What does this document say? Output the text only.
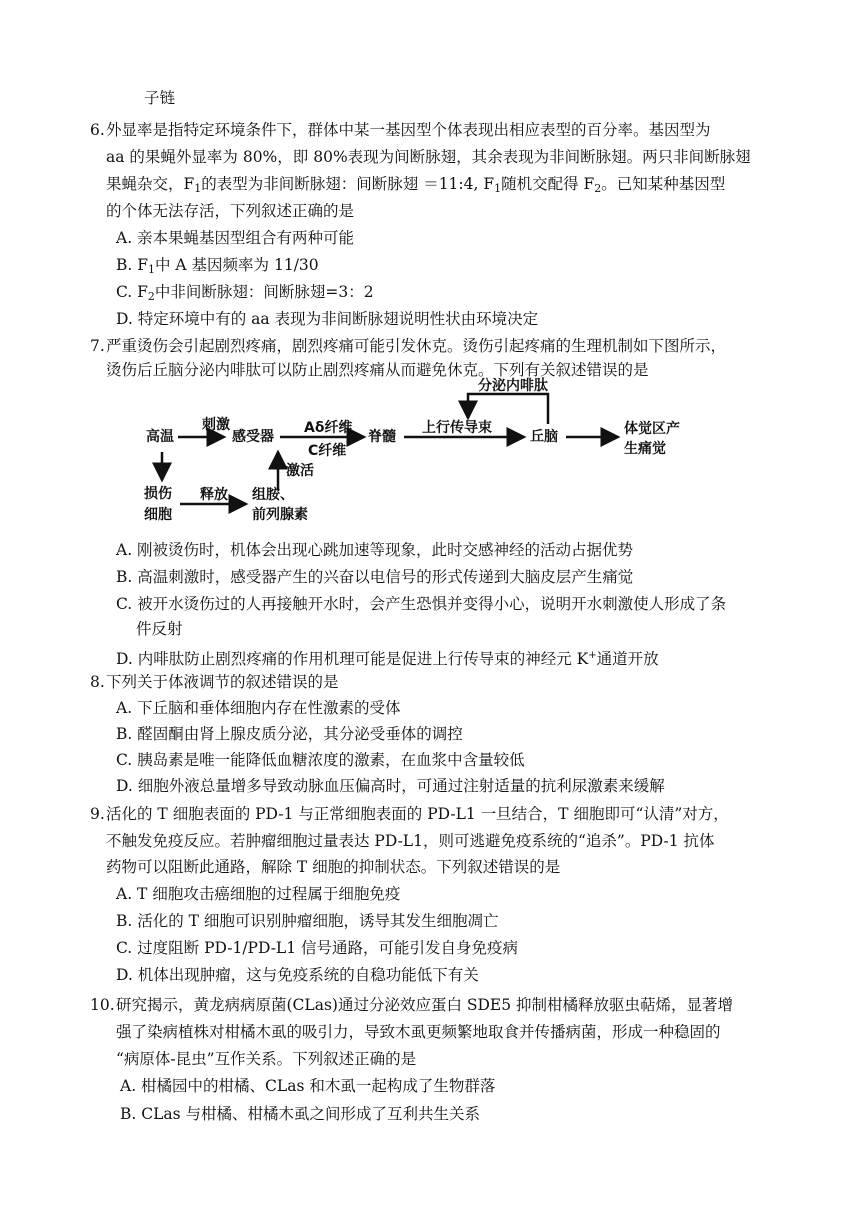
子链
6. 外显率是指特定环境条件下，群体中某一基因型个体表现出相应表型的百分率。基因型为
aa 的果蝇外显率为 80%，即 80%表现为间断脉翅，其余表现为非间断脉翅。两只非间断脉翅
果蝇杂交，$F_1$的表型为非间断脉翅：间断脉翅 ＝11:4, $F_1$随机交配得 $F_2$。已知某种基因型
的个体无法存活，下列叙述正确的是
A. 亲本果蝇基因型组合有两种可能
B. $F_1$中 A 基因频率为 11/30
C. $F_2$中非间断脉翅：间断脉翅=3：2
D. 特定环境中有的 aa 表现为非间断脉翅说明性状由环境决定
7. 严重烫伤会引起剧烈疼痛，剧烈疼痛可能引发休克。烫伤引起疼痛的生理机制如下图所示，
烫伤后丘脑分泌内啡肽可以防止剧烈疼痛从而避免休克。下列有关叙述错误的是
高温
刺激
感受器
Aδ纤维
C纤维
脊髓
上行传导束
分泌内啡肽
丘脑	体觉区产
生痛觉
损伤
细胞
释放 组胺、
前列腺素
激活
A. 刚被烫伤时，机体会出现心跳加速等现象，此时交感神经的活动占据优势
B. 高温刺激时，感受器产生的兴奋以电信号的形式传递到大脑皮层产生痛觉
C. 被开水烫伤过的人再接触开水时，会产生恐惧并变得小心，说明开水刺激使人形成了条
件反射
D. 内啡肽防止剧烈疼痛的作用机理可能是促进上行传导束的神经元 K+通道开放
8. 下列关于体液调节的叙述错误的是
A. 下丘脑和垂体细胞内存在性激素的受体
B. 醛固酮由肾上腺皮质分泌，其分泌受垂体的调控
C. 胰岛素是唯一能降低血糖浓度的激素，在血浆中含量较低
D. 细胞外液总量增多导致动脉血压偏高时，可通过注射适量的抗利尿激素来缓解
9. 活化的 T 细胞表面的 PD-1 与正常细胞表面的 PD-L1 一旦结合，T 细胞即可“认清”对方，
不触发免疫反应。若肿瘤细胞过量表达 PD-L1，则可逃避免疫系统的“追杀”。PD-1 抗体
药物可以阻断此通路，解除 T 细胞的抑制状态。下列叙述错误的是
A. T 细胞攻击癌细胞的过程属于细胞免疫
B. 活化的 T 细胞可识别肿瘤细胞，诱导其发生细胞凋亡
C. 过度阻断 PD-1/PD-L1 信号通路，可能引发自身免疫病
D. 机体出现肿瘤，这与免疫系统的自稳功能低下有关
10. 研究揭示，黄龙病病原菌(CLas)通过分泌效应蛋白 SDE5 抑制柑橘释放驱虫萜烯，显著增
强了染病植株对柑橘木虱的吸引力，导致木虱更频繁地取食并传播病菌，形成一种稳固的
“病原体-昆虫”互作关系。下列叙述正确的是
A. 柑橘园中的柑橘、CLas 和木虱一起构成了生物群落
B. CLas 与柑橘、柑橘木虱之间形成了互利共生关系
